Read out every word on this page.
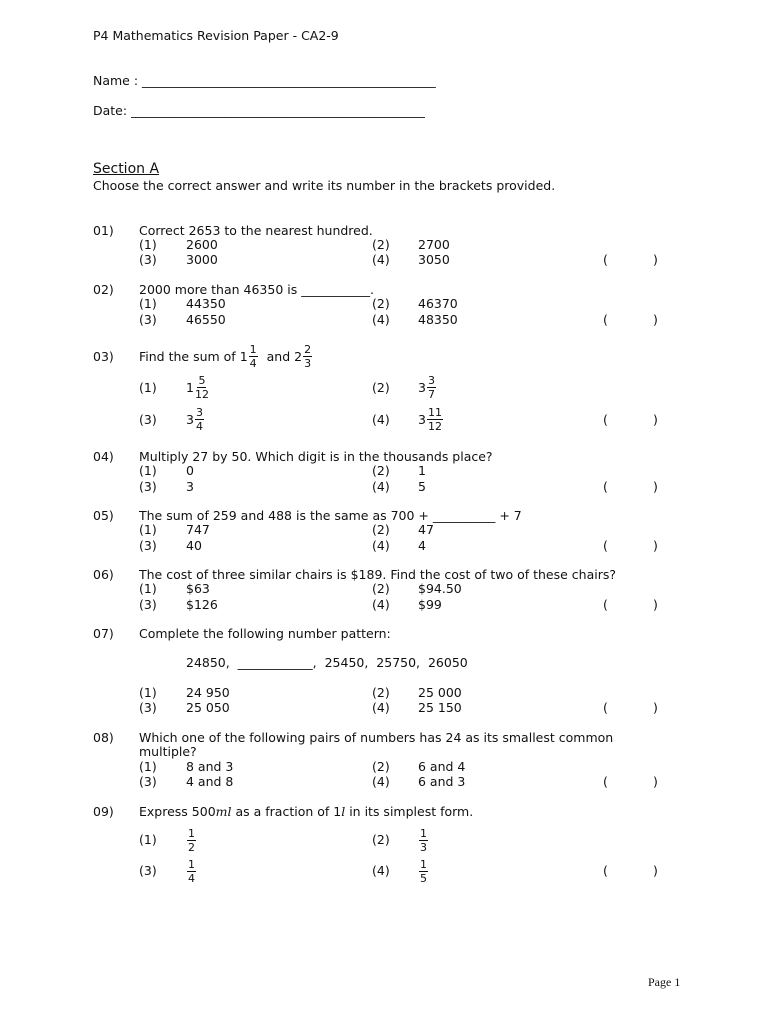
P4 Mathematics Revision Paper - CA2-9
Name : _______________________________________________
Date: _______________________________________________
Section A
Choose the correct answer and write its number in the brackets provided.
01) Correct 2653 to the nearest hundred.
(1) 2600	(2) 2700
(3) 3000	(4) 3050	(	)
02) 2000 more than 46350 is ___________.
(1) 44350	(2) 46370
(3) 46550	(4) 48350	(	)
03) Find the sum of
$1 \frac{1}{4}$
and
$2 \frac{2}{3}$
(1) $1 \frac{5}{12}$	(2) $3 \frac{3}{7}$
(3) $3 \frac{3}{4}$	(4) $3 \frac{11}{12}$	(	)
04) Multiply 27 by 50. Which digit is in the thousands place?
(1) 0	(2) 1
(3) 3	(4) 5	(	)
05) The sum of 259 and 488 is the same as 700 + __________ + 7
(1) 747	(2) 47
(3) 40	(4) 4	(	)
06) The cost of three similar chairs is $189. Find the cost of two of these chairs?
(1) $63	(2) $94.50
(3) $126	(4) $99	(	)
07) Complete the following number pattern:
24850,  ____________,  25450,  25750,  26050
(1) 24 950	(2) 25 000
(3) 25 050	(4) 25 150	(	)
08) Which one of the following pairs of numbers has 24 as its smallest common
multiple?
(1) 8 and 3	(2) 6 and 4
(3) 4 and 8	(4) 6 and 3	(	)
09) Express 500ml as a fraction of 1l in its simplest form.
(1)	$\frac{1}{2}$	(2)	$\frac{1}{3}$
(3)	$\frac{1}{4}$	(4)	$\frac{1}{5}$	(	)
Page 1
